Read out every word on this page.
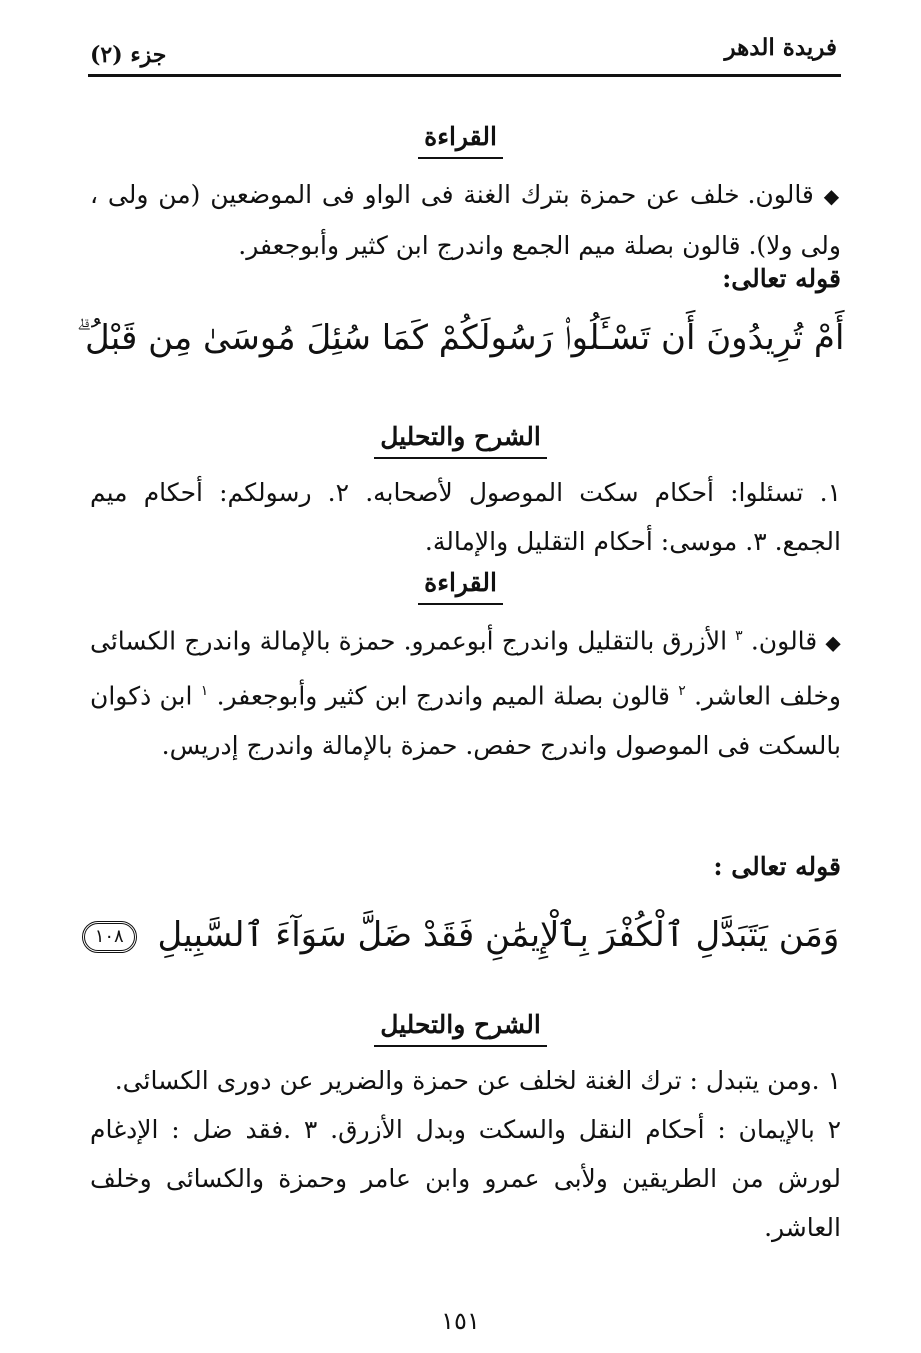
فريدة الدهر
جزء (٢)
القراءة
◆ قالون. خلف عن حمزة بترك الغنة فى الواو فى الموضعين (من ولى ، ولى ولا). قالون بصلة ميم الجمع واندرج ابن كثير وأبوجعفر.
قوله تعالى:
أَمْ تُرِيدُونَ أَن تَسْـَٔلُوا۟ رَسُولَكُمْ كَمَا سُئِلَ مُوسَىٰ مِن قَبْلُ ۗ
الشرح والتحليل
١. تسئلوا: أحكام سكت الموصول لأصحابه. ٢. رسولكم: أحكام ميم الجمع. ٣. موسى: أحكام التقليل والإمالة.
القراءة
◆ قالون. $^٣$ الأزرق بالتقليل واندرج أبوعمرو. حمزة بالإمالة واندرج الكسائى وخلف العاشر. $^٢$ قالون بصلة الميم واندرج ابن كثير وأبوجعفر. $^١$ ابن ذكوان بالسكت فى الموصول واندرج حفص. حمزة بالإمالة واندرج إدريس.
قوله تعالى :
وَمَن يَتَبَدَّلِ ٱلْكُفْرَ بِٱلْإِيمَٰنِ فَقَدْ ضَلَّ سَوَآءَ ٱلسَّبِيلِ ١٠٨
الشرح والتحليل
١ .ومن يتبدل : ترك الغنة لخلف عن حمزة والضرير عن دورى الكسائى.
٢ بالإيمان : أحكام النقل والسكت وبدل الأزرق. ٣ .فقد ضل : الإدغام لورش من الطريقين ولأبى عمرو وابن عامر وحمزة والكسائى وخلف العاشر.
١٥١
